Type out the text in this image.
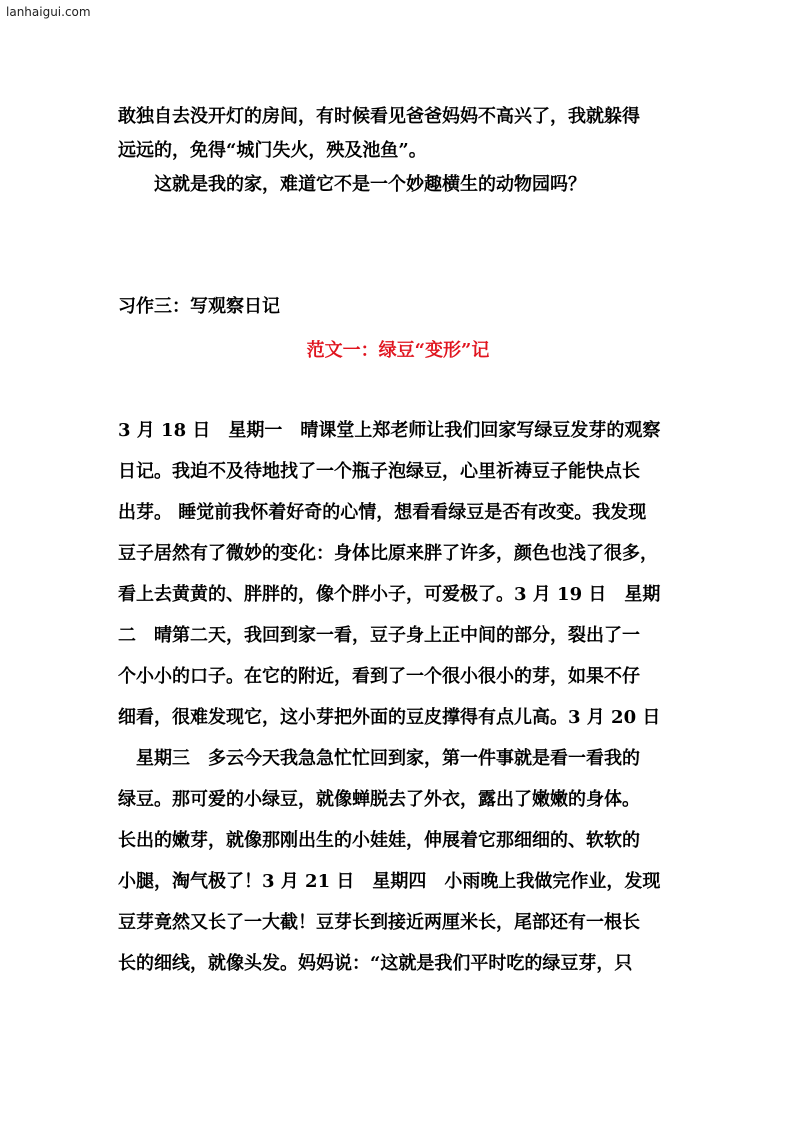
lanhaigui.com
敢独自去没开灯的房间，有时候看见爸爸妈妈不高兴了，我就躲得
远远的，免得“城门失火，殃及池鱼”。
这就是我的家，难道它不是一个妙趣横生的动物园吗？
习作三：写观察日记
范文一：绿豆“变形”记
3 月 18 日　星期一　晴课堂上郑老师让我们回家写绿豆发芽的观察
日记。我迫不及待地找了一个瓶子泡绿豆，心里祈祷豆子能快点长
出芽。 睡觉前我怀着好奇的心情，想看看绿豆是否有改变。我发现
豆子居然有了微妙的变化：身体比原来胖了许多，颜色也浅了很多，
看上去黄黄的、胖胖的，像个胖小子，可爱极了。3 月 19 日　星期
二　晴第二天，我回到家一看，豆子身上正中间的部分，裂出了一
个小小的口子。在它的附近，看到了一个很小很小的芽，如果不仔
细看，很难发现它，这小芽把外面的豆皮撑得有点儿高。3 月 20 日
　星期三　多云今天我急急忙忙回到家，第一件事就是看一看我的
绿豆。那可爱的小绿豆，就像蝉脱去了外衣，露出了嫩嫩的身体。
长出的嫩芽，就像那刚出生的小娃娃，伸展着它那细细的、软软的
小腿，淘气极了！3 月 21 日　星期四　小雨晚上我做完作业，发现
豆芽竟然又长了一大截！豆芽长到接近两厘米长，尾部还有一根长
长的细线，就像头发。妈妈说：“这就是我们平时吃的绿豆芽，只
